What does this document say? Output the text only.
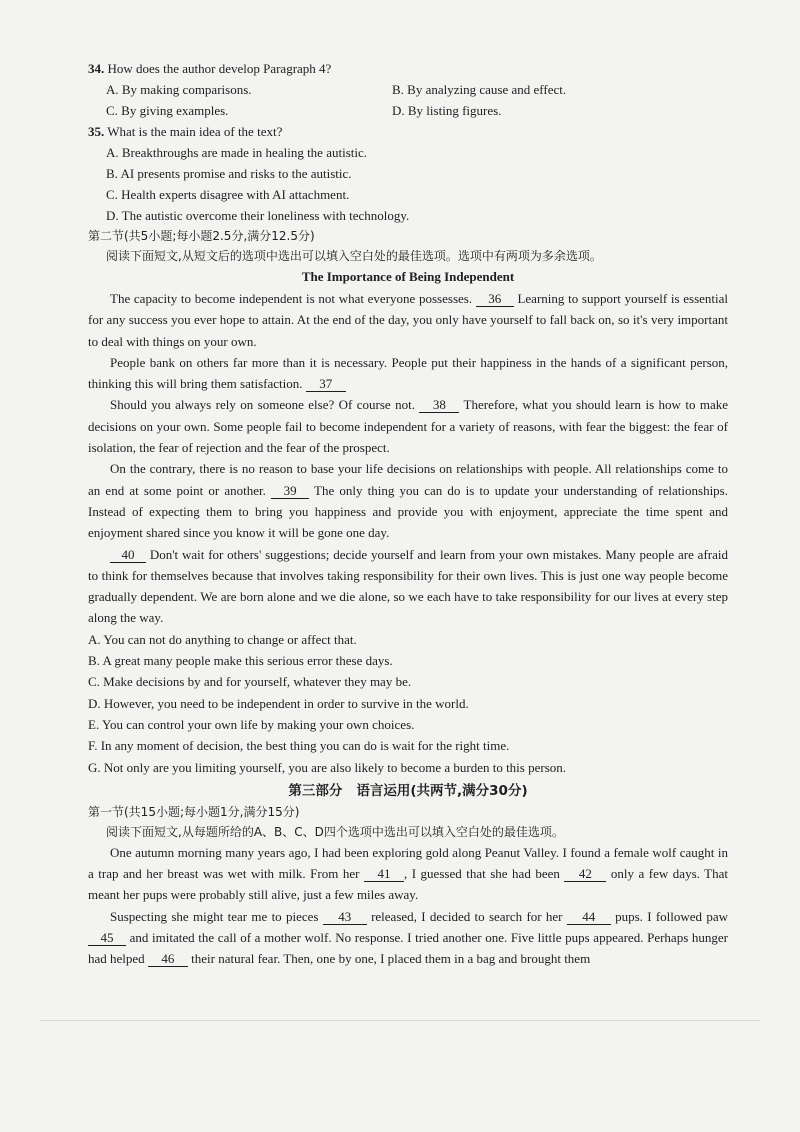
34. How does the author develop Paragraph 4?
A. By making comparisons.	B. By analyzing cause and effect.
C. By giving examples.	D. By listing figures.
35. What is the main idea of the text?
A. Breakthroughs are made in healing the autistic.
B. AI presents promise and risks to the autistic.
C. Health experts disagree with AI attachment.
D. The autistic overcome their loneliness with technology.
第二节(共5小题;每小题2.5分,满分12.5分)
阅读下面短文,从短文后的选项中选出可以填入空白处的最佳选项。选项中有两项为多余选项。
The Importance of Being Independent

The capacity to become independent is not what everyone possesses. 36 Learning to support yourself is essential for any success you ever hope to attain. At the end of the day, you only have yourself to fall back on, so it's very important to deal with things on your own.

People bank on others far more than it is necessary. People put their happiness in the hands of a significant person, thinking this will bring them satisfaction. 37

Should you always rely on someone else? Of course not. 38 Therefore, what you should learn is how to make decisions on your own. Some people fail to become independent for a variety of reasons, with fear the biggest: the fear of isolation, the fear of rejection and the fear of the prospect.

On the contrary, there is no reason to base your life decisions on relationships with people. All relationships come to an end at some point or another. 39 The only thing you can do is to update your understanding of relationships. Instead of expecting them to bring you happiness and provide you with enjoyment, appreciate the time spent and enjoyment shared since you know it will be gone one day.

40 Don't wait for others' suggestions; decide yourself and learn from your own mistakes. Many people are afraid to think for themselves because that involves taking responsibility for their own lives. This is just one way people become gradually dependent. We are born alone and we die alone, so we each have to take responsibility for our lives at every step along the way.

A. You can not do anything to change or affect that.
B. A great many people make this serious error these days.
C. Make decisions by and for yourself, whatever they may be.
D. However, you need to be independent in order to survive in the world.
E. You can control your own life by making your own choices.
F. In any moment of decision, the best thing you can do is wait for the right time.
G. Not only are you limiting yourself, you are also likely to become a burden to this person.
第三部分 语言运用(共两节,满分30分)
第一节(共15小题;每小题1分,满分15分)
阅读下面短文,从每题所给的A、B、C、D四个选项中选出可以填入空白处的最佳选项。

One autumn morning many years ago, I had been exploring gold along Peanut Valley. I found a female wolf caught in a trap and her breast was wet with milk. From her 41 , I guessed that she had been 42 only a few days. That meant her pups were probably still alive, just a few miles away.

Suspecting she might tear me to pieces 43 released, I decided to search for her 44 pups. I followed paw 45 and imitated the call of a mother wolf. No response. I tried another one. Five little pups appeared. Perhaps hunger had helped 46 their natural fear. Then, one by one, I placed them in a bag and brought them
